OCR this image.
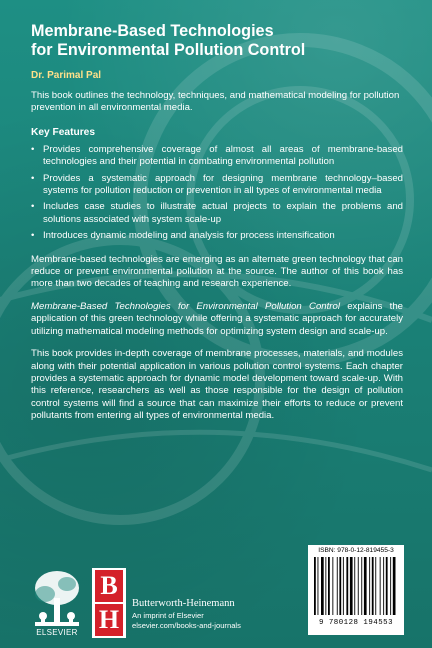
Membrane-Based Technologies
for Environmental Pollution Control
Dr. Parimal Pal
This book outlines the technology, techniques, and mathematical modeling for pollution prevention in all environmental media.
Key Features
• Provides comprehensive coverage of almost all areas of membrane-based technologies and their potential in combating environmental pollution
• Provides a systematic approach for designing membrane technology–based systems for pollution reduction or prevention in all types of environmental media
• Includes case studies to illustrate actual projects to explain the problems and solutions associated with system scale-up
• Introduces dynamic modeling and analysis for process intensification
Membrane-based technologies are emerging as an alternate green technology that can reduce or prevent environmental pollution at the source. The author of this book has more than two decades of teaching and research experience.
Membrane-Based Technologies for Environmental Pollution Control explains the application of this green technology while offering a systematic approach for accurately utilizing mathematical modeling methods for optimizing system design and scale-up.
This book provides in-depth coverage of membrane processes, materials, and modules along with their potential application in various pollution control systems. Each chapter provides a systematic approach for dynamic model development toward scale-up. With this reference, researchers as well as those responsible for the design of pollution control systems will find a source that can maximize their efforts to reduce or prevent pollutants from entering all types of environmental media.
ELSEVIER
B
H
Butterworth-Heinemann
An imprint of Elsevier
elsevier.com/books-and-journals
ISBN: 978-0-12-819455-3
9 780128 194553
